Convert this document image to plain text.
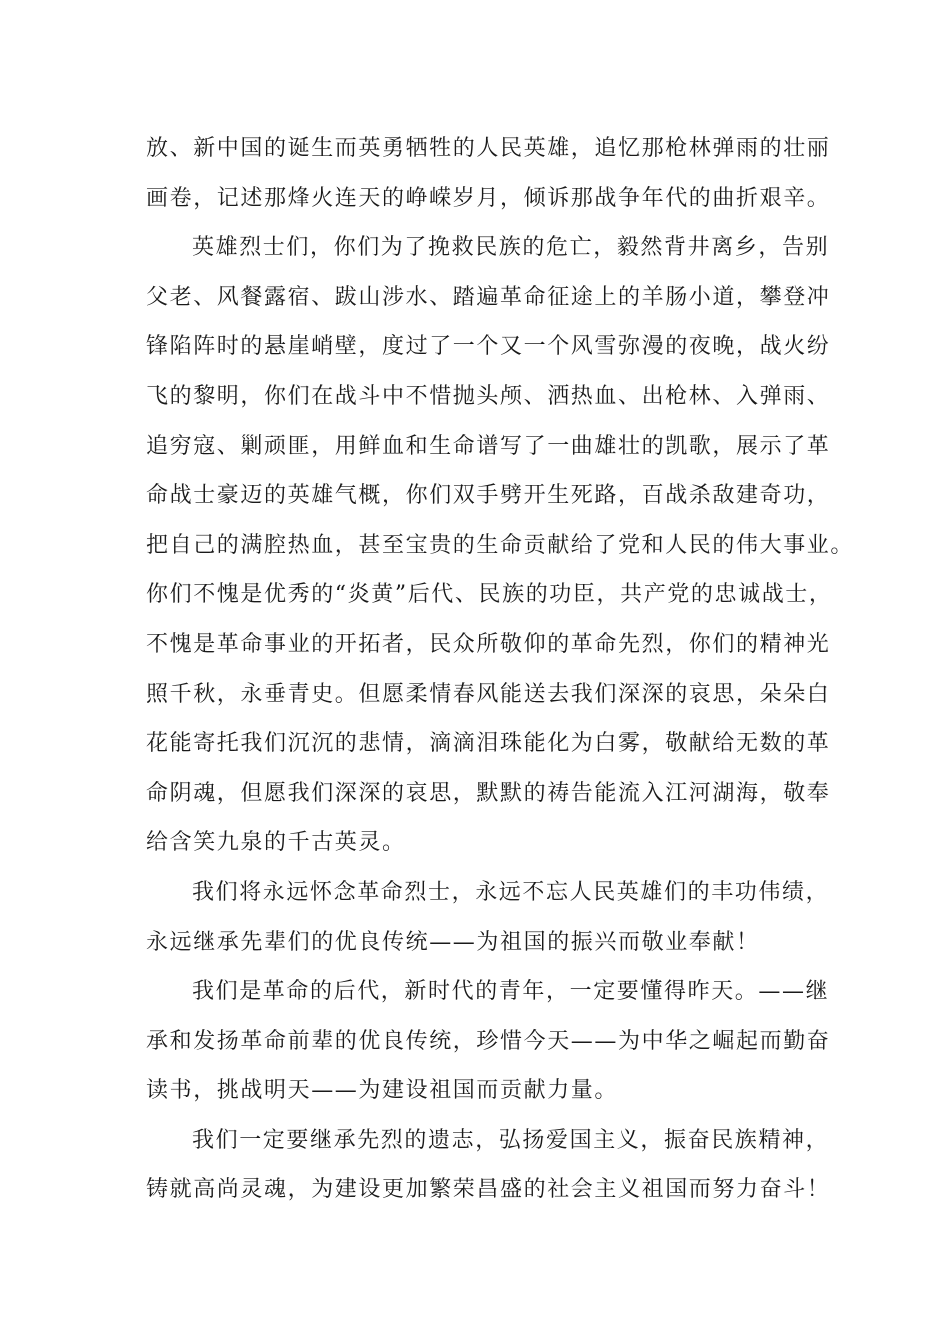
放、新中国的诞生而英勇牺牲的人民英雄，追忆那枪林弹雨的壮丽
画卷，记述那烽火连天的峥嵘岁月，倾诉那战争年代的曲折艰辛。
英雄烈士们，你们为了挽救民族的危亡，毅然背井离乡，告别
父老、风餐露宿、跋山涉水、踏遍革命征途上的羊肠小道，攀登冲
锋陷阵时的悬崖峭壁，度过了一个又一个风雪弥漫的夜晚，战火纷
飞的黎明，你们在战斗中不惜抛头颅、洒热血、出枪林、入弹雨、
追穷寇、剿顽匪，用鲜血和生命谱写了一曲雄壮的凯歌，展示了革
命战士豪迈的英雄气概，你们双手劈开生死路，百战杀敌建奇功，
把自己的满腔热血，甚至宝贵的生命贡献给了党和人民的伟大事业。
你们不愧是优秀的“炎黄”后代、民族的功臣，共产党的忠诚战士，
不愧是革命事业的开拓者，民众所敬仰的革命先烈，你们的精神光
照千秋，永垂青史。但愿柔情春风能送去我们深深的哀思，朵朵白
花能寄托我们沉沉的悲情，滴滴泪珠能化为白雾，敬献给无数的革
命阴魂，但愿我们深深的哀思，默默的祷告能流入江河湖海，敬奉
给含笑九泉的千古英灵。
我们将永远怀念革命烈士，永远不忘人民英雄们的丰功伟绩，
永远继承先辈们的优良传统——为祖国的振兴而敬业奉献！
我们是革命的后代，新时代的青年，一定要懂得昨天。——继
承和发扬革命前辈的优良传统，珍惜今天——为中华之崛起而勤奋
读书，挑战明天——为建设祖国而贡献力量。
我们一定要继承先烈的遗志，弘扬爱国主义，振奋民族精神，
铸就高尚灵魂，为建设更加繁荣昌盛的社会主义祖国而努力奋斗！
